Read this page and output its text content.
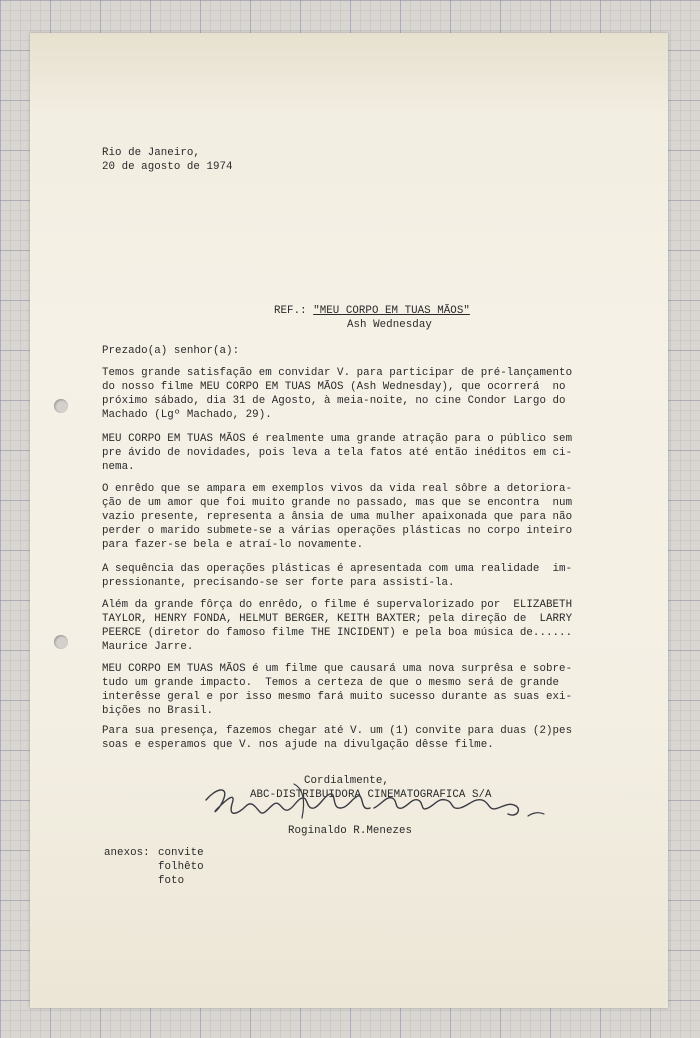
Rio de Janeiro,
20 de agosto de 1974
REF.: "MEU CORPO EM TUAS MÃOS"
Ash Wednesday
Prezado(a) senhor(a):
Temos grande satisfação em convidar V. para participar de pré-lançamento
do nosso filme MEU CORPO EM TUAS MÃOS (Ash Wednesday), que ocorrerá  no
próximo sábado, dia 31 de Agosto, à meia-noite, no cine Condor Largo do
Machado (Lgº Machado, 29).
MEU CORPO EM TUAS MÃOS é realmente uma grande atração para o público sem
pre ávido de novidades, pois leva a tela fatos até então inéditos em ci-
nema.
O enrêdo que se ampara em exemplos vivos da vida real sôbre a detoriora-
ção de um amor que foi muito grande no passado, mas que se encontra  num
vazio presente, representa a ânsia de uma mulher apaixonada que para não
perder o marido submete-se a várias operações plásticas no corpo inteiro
para fazer-se bela e atraí-lo novamente.
A sequência das operações plásticas é apresentada com uma realidade  im-
pressionante, precisando-se ser forte para assistí-la.
Além da grande fôrça do enrêdo, o filme é supervalorizado por  ELIZABETH
TAYLOR, HENRY FONDA, HELMUT BERGER, KEITH BAXTER; pela direção de  LARRY
PEERCE (diretor do famoso filme THE INCIDENT) e pela boa música de......
Maurice Jarre.
MEU CORPO EM TUAS MÃOS é um filme que causará uma nova surprêsa e sobre-
tudo um grande impacto.  Temos a certeza de que o mesmo será de grande
interêsse geral e por isso mesmo fará muito sucesso durante as suas exi-
bições no Brasil.
Para sua presença, fazemos chegar até V. um (1) convite para duas (2)pes
soas e esperamos que V. nos ajude na divulgação dêsse filme.
Cordialmente,
ABC-DISTRIBUIDORA CINEMATOGRAFICA S/A
Roginaldo R.Menezes
anexos: convite
folhêto
foto
